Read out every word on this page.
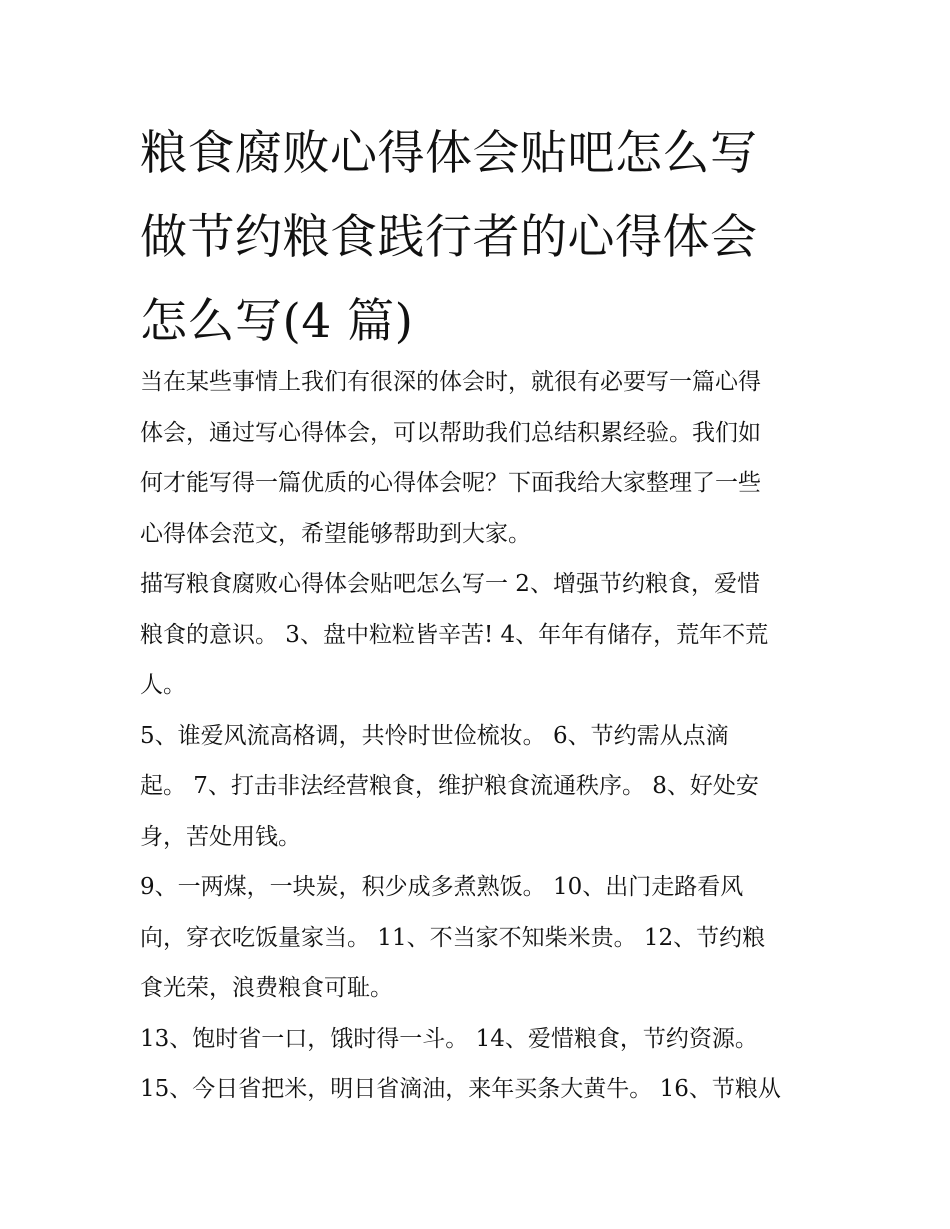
粮食腐败心得体会贴吧怎么写
做节约粮食践行者的心得体会
怎么写(4 篇)
当在某些事情上我们有很深的体会时，就很有必要写一篇心得
体会，通过写心得体会，可以帮助我们总结积累经验。我们如
何才能写得一篇优质的心得体会呢？下面我给大家整理了一些
心得体会范文，希望能够帮助到大家。
描写粮食腐败心得体会贴吧怎么写一 2、增强节约粮食，爱惜
粮食的意识。 3、盘中粒粒皆辛苦! 4、年年有储存，荒年不荒
人。
5、谁爱风流高格调，共怜时世俭梳妆。 6、节约需从点滴
起。 7、打击非法经营粮食，维护粮食流通秩序。 8、好处安
身，苦处用钱。
9、一两煤，一块炭，积少成多煮熟饭。 10、出门走路看风
向，穿衣吃饭量家当。 11、不当家不知柴米贵。 12、节约粮
食光荣，浪费粮食可耻。
13、饱时省一口，饿时得一斗。 14、爱惜粮食，节约资源。
15、今日省把米，明日省滴油，来年买条大黄牛。 16、节粮从
